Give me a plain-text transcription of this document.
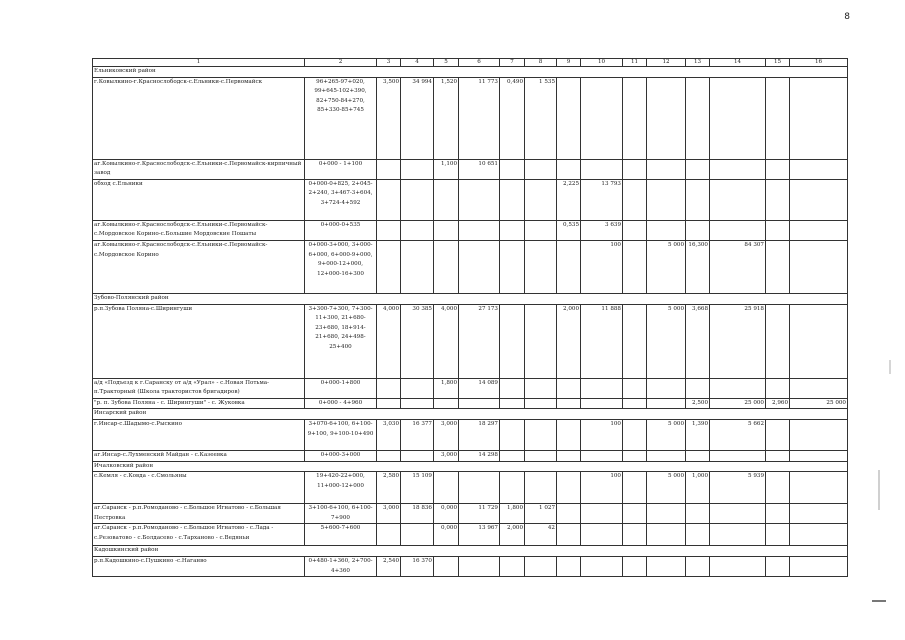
8
1	2	3	4	5	6	7	8	9	10	11	12	13	14	15	16
Ельниковский район															
г.Ковылкино-г.Краснослободск-с.Ельники-с.Первомайск	96+265-97+020, 99+645-102+390, 82+750-84+270, 85+330-85+745	3,500	34 994	1,520	11 773	0,490	1 535								
аг.Ковылкино-г.Краснослободск-с.Ельники-с.Первомайск-кирпичный завод	0+000 - 1+100			1,100	10 651										
обход с.Ельники	0+000-0+825, 2+045-2+240, 3+467-3+604, 3+724-4+592							2,225	13 793						
аг.Ковылкино-г.Краснослободск-с.Ельники-с.Первомайск-с.Мордовское Коринo-с.Большие Мордовские Пошаты	0+000-0+535							0,535	3 639						
аг.Ковылкино-г.Краснослободск-с.Ельники-с.Первомайск-с.Мордовское Корино	0+000-3+000, 3+000-6+000, 6+000-9+000, 9+000-12+000, 12+000-16+300								100		5 000	16,300	84 307		
Зубово-Полянский район															
р.п.Зубова Поляна-с.Ширингуши	3+300-7+300, 7+300-11+300, 21+680-23+680, 18+914-21+680, 24+498-25+400	4,000	30 385	4,000	27 173			2,000	11 888		5 000	3,668	25 918		
а/д «Подъезд к г.Саранску от а/д «Урал» - с.Новая Потьма-п.Тракторный (Школа трактористов бригадиров)	0+000-1+800			1,800	14 089										
"р. п. Зубова Поляна - с. Ширингуши" - с. Жуковка	0+000 - 4+960											2,500	25 000	2,960	25 000
Инсарский район															
г.Инсар-с.Шадымо-с.Рыскино	3+070-6+100, 6+100-9+100, 9+100-10+490	3,030	16 377	3,000	18 297				100		5 000	1,390	5 662		
аг.Инсар-с.Лухменский Майдан - с.Казеевка	0+000-3+000			3,000	14 298										
Ичалковский район															
с.Кемля - с.Ковда - с.Смольяны	19+420-22+000, 11+000-12+000	2,580	15 109						100		5 000	1,000	5 939		
аг.Саранск - р.п.Ромоданово - с.Большое Игнатово - с.Большая Пестровка	3+100-6+100, 6+100-7+900	3,000	18 836	0,000	11 729	1,800	1 027								
аг.Саранск - р.п.Ромоданово - с.Большое Игнатово - с.Лада - с.Резоватово - с.Болдасево - с.Тарханово - с.Ведяньи	5+600-7+600			0,000	13 967	2,000	42								
Кадошкинский район															
р.п.Кадошкино-с.Пушкино -с.Наганво	0+480-1+360, 2+700-4+360	2,540	16 370												
